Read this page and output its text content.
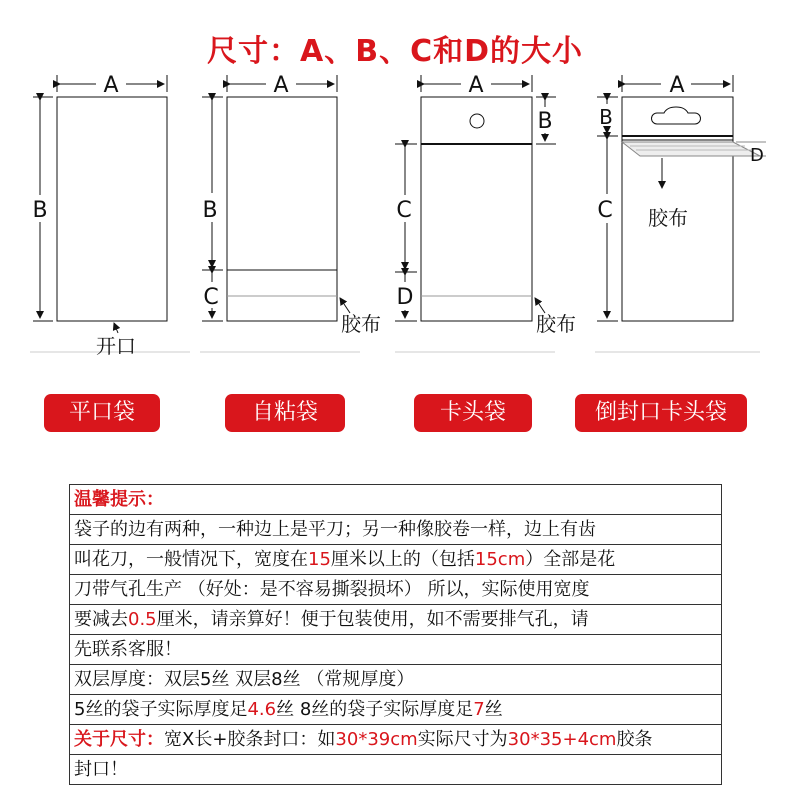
尺寸：A、B、C和D的大小
A
B
开口
A
B
C
胶布
A
B
C
D
胶布
A
B
C
D
胶布
平口袋	自粘袋	卡头袋	倒封口卡头袋
温馨提示：
袋子的边有两种，一种边上是平刀；另一种像胶卷一样，边上有齿
叫花刀，一般情况下，宽度在15厘米以上的（包括15cm）全部是花
刀带气孔生产 （好处：是不容易撕裂损坏） 所以，实际使用宽度
要减去0.5厘米，请亲算好！便于包装使用，如不需要排气孔，请
先联系客服！
双层厚度：双层5丝 双层8丝 （常规厚度）
5丝的袋子实际厚度足4.6丝 8丝的袋子实际厚度足7丝
关于尺寸：宽X长+胶条封口：如30*39cm实际尺寸为30*35+4cm胶条
封口！
